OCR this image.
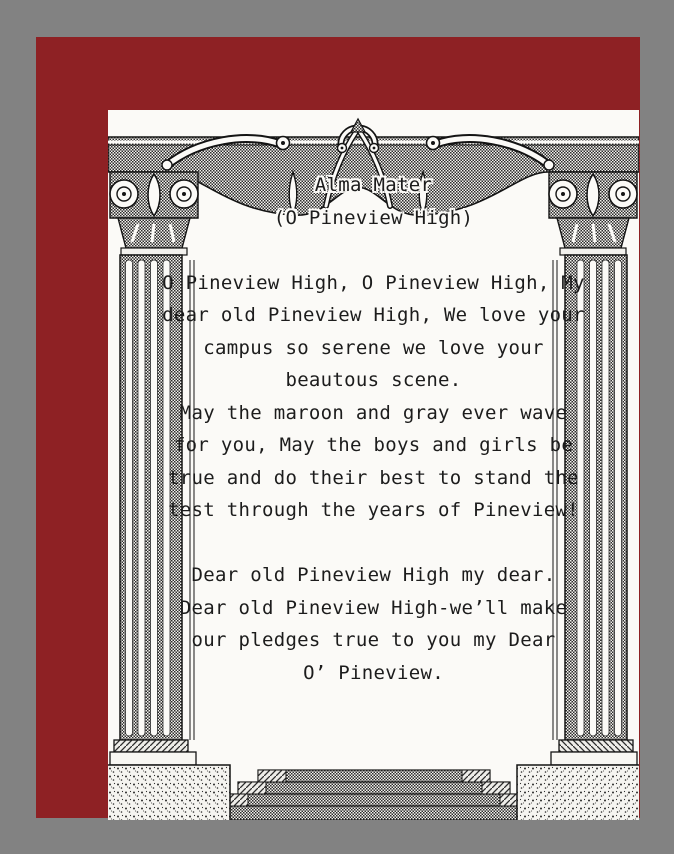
Alma Mater
(O Pineview High)
O Pineview High, O Pineview High, My
dear old Pineview High, We love your
campus so serene we love your
beautous scene.
May the maroon and gray ever wave
for you, May the boys and girls be
true and do their best to stand the
test through the years of Pineview!
Dear old Pineview High my dear.
Dear old Pineview High-we’ll make
our pledges true to you my Dear
O’ Pineview.
